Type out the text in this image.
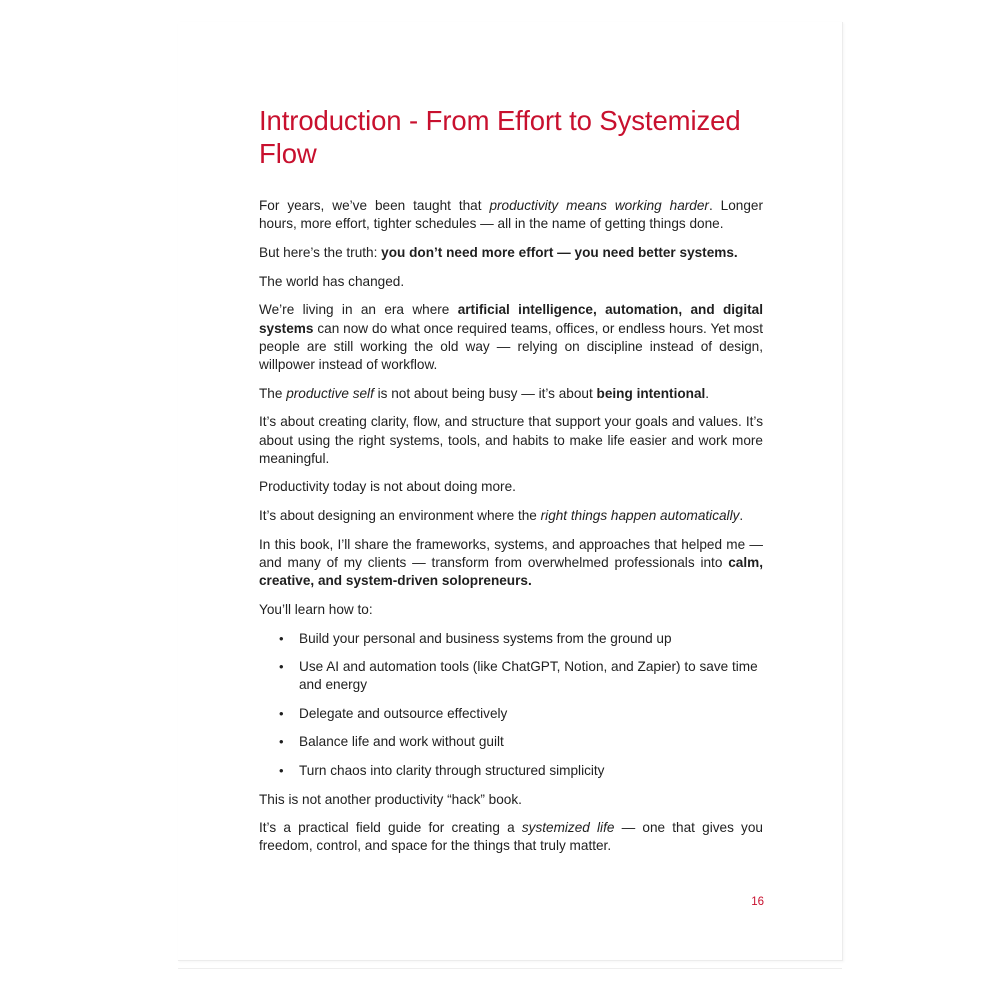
Introduction - From Effort to Systemized Flow

For years, we’ve been taught that productivity means working harder. Longer hours, more effort, tighter schedules — all in the name of getting things done.

But here’s the truth: you don’t need more effort — you need better systems.

The world has changed.

We’re living in an era where artificial intelligence, automation, and digital systems can now do what once required teams, offices, or endless hours. Yet most people are still working the old way — relying on discipline instead of design, willpower instead of workflow.

The productive self is not about being busy — it’s about being intentional.

It’s about creating clarity, flow, and structure that support your goals and values. It’s about using the right systems, tools, and habits to make life easier and work more meaningful.

Productivity today is not about doing more.

It’s about designing an environment where the right things happen automatically.

In this book, I’ll share the frameworks, systems, and approaches that helped me — and many of my clients — transform from overwhelmed professionals into calm, creative, and system-driven solopreneurs.

You’ll learn how to:

• Build your personal and business systems from the ground up
• Use AI and automation tools (like ChatGPT, Notion, and Zapier) to save time and energy
• Delegate and outsource effectively
• Balance life and work without guilt
• Turn chaos into clarity through structured simplicity

This is not another productivity “hack” book.

It’s a practical field guide for creating a systemized life — one that gives you freedom, control, and space for the things that truly matter.

16
